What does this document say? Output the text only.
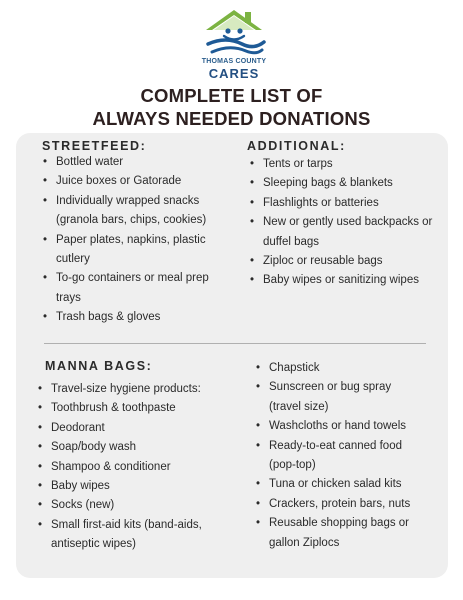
THOMAS COUNTY
CARES
COMPLETE LIST OF
ALWAYS NEEDED DONATIONS
STREETFEED:
• Bottled water
• Juice boxes or Gatorade
• Individually wrapped snacks (granola bars, chips, cookies)
• Paper plates, napkins, plastic cutlery
• To-go containers or meal prep trays
• Trash bags & gloves
ADDITIONAL:
• Tents or tarps
• Sleeping bags & blankets
• Flashlights or batteries
• New or gently used backpacks or duffel bags
• Ziploc or reusable bags
• Baby wipes or sanitizing wipes
MANNA BAGS:
• Travel-size hygiene products:
• Toothbrush & toothpaste
• Deodorant
• Soap/body wash
• Shampoo & conditioner
• Baby wipes
• Socks (new)
• Small first-aid kits (band-aids, antiseptic wipes)
• Chapstick
• Sunscreen or bug spray (travel size)
• Washcloths or hand towels
• Ready-to-eat canned food (pop-top)
• Tuna or chicken salad kits
• Crackers, protein bars, nuts
• Reusable shopping bags or gallon Ziplocs
